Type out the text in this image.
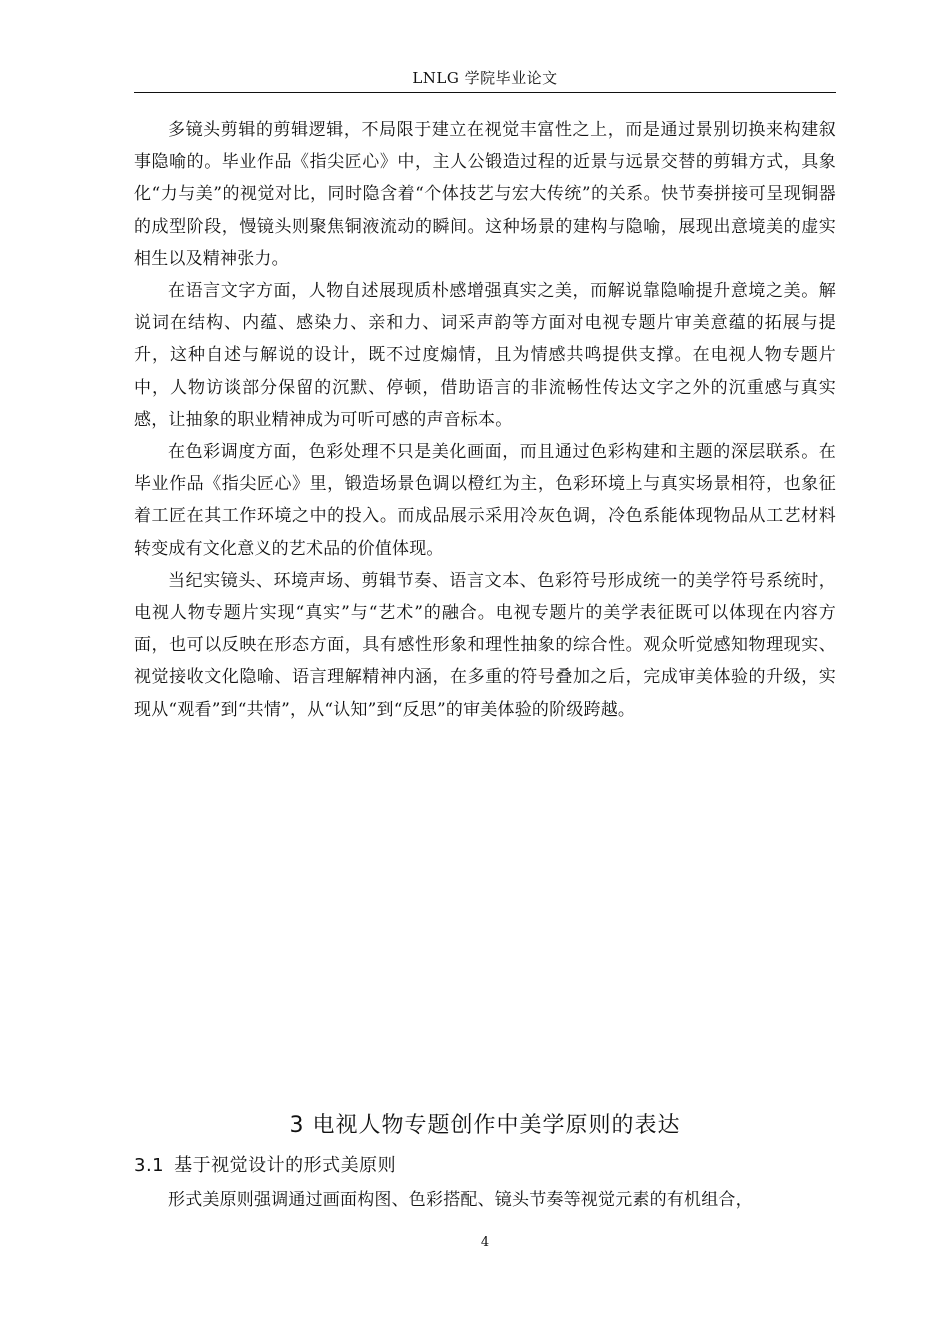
LNLG 学院毕业论文

多镜头剪辑的剪辑逻辑，不局限于建立在视觉丰富性之上，而是通过景别切换来构建叙事隐喻的。毕业作品《指尖匠心》中，主人公锻造过程的近景与远景交替的剪辑方式，具象化“力与美”的视觉对比，同时隐含着“个体技艺与宏大传统”的关系。快节奏拼接可呈现铜器的成型阶段，慢镜头则聚焦铜液流动的瞬间。这种场景的建构与隐喻，展现出意境美的虚实相生以及精神张力。

在语言文字方面，人物自述展现质朴感增强真实之美，而解说靠隐喻提升意境之美。解说词在结构、内蕴、感染力、亲和力、词采声韵等方面对电视专题片审美意蕴的拓展与提升，这种自述与解说的设计，既不过度煽情，且为情感共鸣提供支撑。在电视人物专题片中，人物访谈部分保留的沉默、停顿，借助语言的非流畅性传达文字之外的沉重感与真实感，让抽象的职业精神成为可听可感的声音标本。

在色彩调度方面，色彩处理不只是美化画面，而且通过色彩构建和主题的深层联系。在毕业作品《指尖匠心》里，锻造场景色调以橙红为主，色彩环境上与真实场景相符，也象征着工匠在其工作环境之中的投入。而成品展示采用冷灰色调，冷色系能体现物品从工艺材料转变成有文化意义的艺术品的价值体现。

当纪实镜头、环境声场、剪辑节奏、语言文本、色彩符号形成统一的美学符号系统时，电视人物专题片实现“真实”与“艺术”的融合。电视专题片的美学表征既可以体现在内容方面，也可以反映在形态方面，具有感性形象和理性抽象的综合性。观众听觉感知物理现实、视觉接收文化隐喻、语言理解精神内涵，在多重的符号叠加之后，完成审美体验的升级，实现从“观看”到“共情”，从“认知”到“反思”的审美体验的阶级跨越。

3 电视人物专题创作中美学原则的表达
3.1 基于视觉设计的形式美原则

形式美原则强调通过画面构图、色彩搭配、镜头节奏等视觉元素的有机组合，

4
